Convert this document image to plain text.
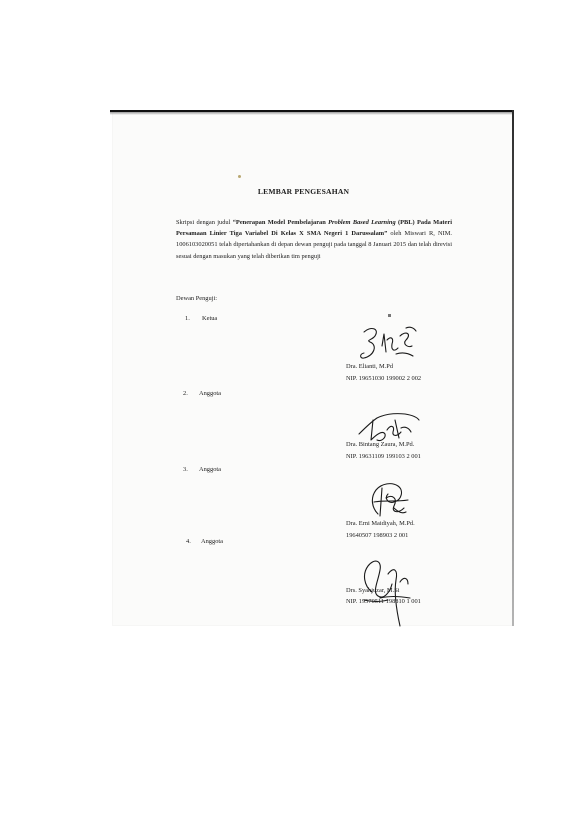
LEMBAR PENGESAHAN
Skripsi dengan judul “Penerapan Model Pembelajaran Problem Based Learning (PBL) Pada Materi Persamaan Linier Tiga Variabel Di Kelas X SMA Negeri 1 Darussalam” oleh Miswari R, NIM. 1006103020051 telah dipertahankan di depan dewan penguji pada tanggal 8 Januari 2015 dan telah direvisi sesuai dengan masukan yang telah diberikan tim penguji
Dewan Penguji:
1. Ketua
Dra. Elianti, M.Pd
NIP. 19651030 199002 2 002
2. Anggota
Dra. Bintang Zaura, M.Pd.
NIP. 19631109 199103 2 001
3. Anggota
Dra. Erni Maidiyah, M.Pd.
19640507 198903 2 001
4. Anggota
Drs. Syahjuzar, M.Si
NIP. 19570511 198810 1 001
